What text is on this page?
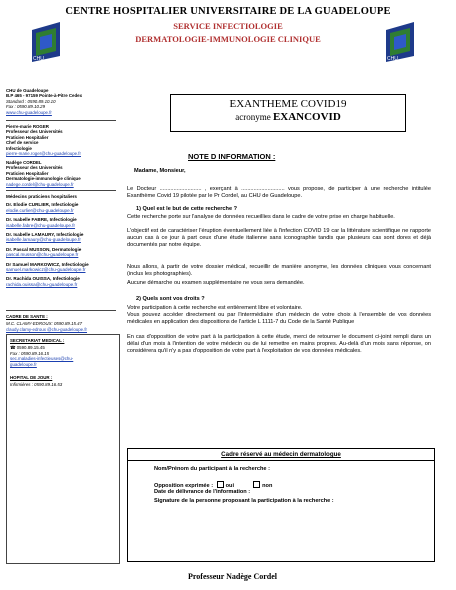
CHU	CHU
CENTRE HOSPITALIER UNIVERSITAIRE DE LA GUADELOUPE
SERVICE INFECTIOLOGIE
DERMATOLOGIE-IMMUNOLOGIE CLINIQUE
CHU de Guadeloupe
B.P 465 - 97159 Pointe-à-Pitre Cedex
Standard : 0590.89.10.10
Fax : 0590.89.10.29
www.chu-guadeloupe.fr
Pierre-marie ROGER
Professeur des Universités
Praticien Hospitalier
Chef de service
Infectiologie
pierre-marie.roger@chu-guadeloupe.fr
Nadège CORDEL
Professeur des Universités
Praticien Hospitalier
Dermatologie-immunologie clinique
nadege.cordel@chu-guadeloupe.fr
Médecins praticiens hospitaliers
Dr. Elodie CURLIER, Infectiologie
elodie.curlier@chu-guadeloupe.fr
Dr. Isabelle FABRE, Infectiologie
isabelle.fabre@chu-guadeloupe.fr
Dr. Isabelle LAMAURY, Infectiologie
isabelle.lamaury@chu-guadeloupe.fr
Dr. Pascal MUSSON, Dermatologie
pascal.musson@chu-guadeloupe.fr
Dr Samuel MARKOWICZ, Infectiologie
samuel.markowicz@chu-guadeloupe.fr
Dr. Rachida OUISSA, Infectiologie
rachida.ouissa@chu-guadeloupe.fr
CADRE DE SANTE :
M.C. CLAMY-EDROUX: 0590.89.15.47
claudy.clamy-edroux @chu-guadeloupe.fr
SECRETARIAT MEDICAL :
☎ 0590.89.15.45
Fax : 0590.89.16.15
sec.maladies-infectieuses@chu-
guadeloupe.fr
HOPITAL DE JOUR :
Infirmières : 0590.89.16.53
EXANTHEME COVID19
acronyme EXANCOVID
NOTE D INFORMATION :
Madame, Monsieur,
Le Docteur ........................... , exerçant à ............................ vous propose, de participer à une recherche intitulée Exanthème Covid 19 pilotée par le Pr Cordel, au CHU de Guadeloupe.
1) Quel est le but de cette recherche ?
Cette recherche porte sur l'analyse de données recueillies dans le cadre de votre prise en charge habituelle.
L'objectif est de caractériser l'éruption éventuellement liée à l'infection COVID 19 car la littérature scientifique ne rapporte aucun cas à ce jour à part ceux d'une étude italienne sans iconographie tandis que plusieurs cas sont dores et déjà documentés par notre équipe.
Nous allons, à partir de votre dossier médical, recueillir de manière anonyme, les données cliniques vous concernant (inclus les photographies).
Aucune démarche ou examen supplémentaire ne vous sera demandée.
2) Quels sont vos droits ?
Votre participation à cette recherche est entièrement libre et volontaire.
Vous pouvez accéder directement ou par l'intermédiaire d'un médecin de votre choix à l'ensemble de vos données médicales en application des dispositions de l'article L 1111-7 du Code de la Santé Publique
En cas d'opposition de votre part à la participation à cette étude, merci de retourner le document ci-joint rempli dans un délai d'un mois à l'intention de votre médecin ou de lui remettre en mains propres. Au-delà d'un mois sans réponse, on considérera qu'il n'y a pas d'opposition de votre part à l'exploitation de vos données médicales.
Cadre réservé au médecin dermatologue
Nom/Prénom du participant à la recherche :
Opposition exprimée : oui	non
Date de délivrance de l'information :
Signature de la personne proposant la participation à la recherche :
Professeur Nadège Cordel
